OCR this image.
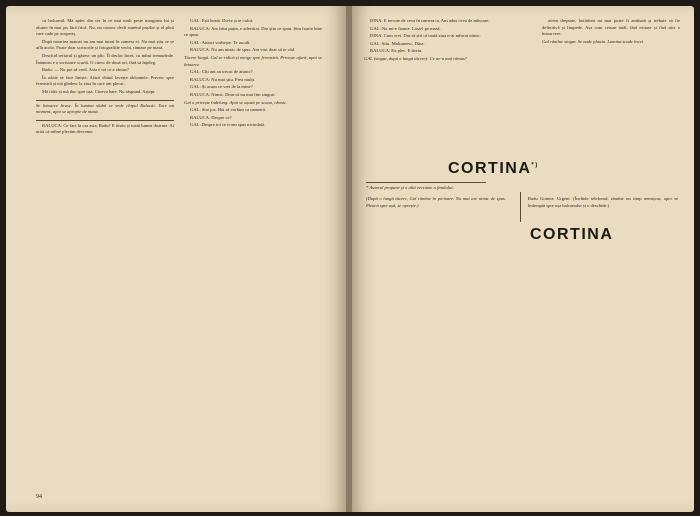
cu balconul. Mă aplec din cer în ce mai mult peste marginea lui și alunec în mai jos fără frică. Nu, nu cunosc decît sunetul pașilor și al ploii care cade pe acoperiș.

După moartea mamei nu am mai intrat în camera ei. Nu mai știu ce se află acolo. Poate doar scrisorile și fotografiile vechi, rămase pe masă.

Deschid sertarul și găsesc un plic. Îl desfac încet, cu mîini tremurînde. Înăuntru e o scrisoare scurtă. O citesc de două ori, fără să înțeleg.

Radu: — Nu pot să cred. Asta e tot ce a rămas?

În odaie se face liniște. Afară vîntul lovește obloanele. Privesc spre fereastră și mă gîndesc la ziua în care am plecat.

Mă ridic și mă duc spre ușă. Cineva bate. Nu răspund. Aștept.

Se întoarce brusc. În lumina slabă se vede chipul Ralucăi. Tace un moment, apoi se apropie de masă.

RALUCA: Ce faci la ora asta, Radu? E tîrziu și toată lumea doarme. Ai uitat că mîine plecăm devreme.

GAL: Ești beată. Du-te și te culcă.

RALUCA: Am băut puțin, e adevărat. Dar știu ce spun. Știu foarte bine ce spun.

GAL: Atunci vorbește. Te ascult.

RALUCA: Nu am nimic de spus. Am vrut doar să te văd.

Tăcere lungă. Gal se ridică și merge spre fereastră. Privește afară, apoi se întoarce.

GAL: Cîți ani au trecut de atunci?

RALUCA: Nu mai știu. Prea mulți.

GAL: Și acum ce vrei de la mine?

RALUCA: Nimic. Doar să nu mai fim singuri.

Gal o privește îndelung. Apoi se așază pe scaun, obosit.

GAL: Stai jos. Hai să vorbim ca oamenii.

RALUCA: Despre ce?

GAL: Despre tot ce n-am spus niciodată.

94

DINA: E nevoie de ceva în camera ta. Am adus ceva de mîncare.

GAL: Nu mi-e foame. Lasă-l pe masă.

DINA: Cum vrei. Dar să știi că toată ziua n-ai mîncat nimic.

GAL: Știu. Mulțumesc, Dina.

RALUCA: Eu plec. E tîrziu.

GAL (singur, după o lungă tăcere): Ce ne-a mai rămas?

avem dreptate, hotărîrea nu mai poate fi amînată și trebuie să fie definitivă și limpede. Așa cum ceruse tatăl, fără ezitare și fără nici o întoarcere.

Gal rămîne singur. Se aude ploaia. Lumina scade încet.

CORTINA*)
* Autorul propune și o altă versiune a finalului:
(După o lungă tăcere, Gal rămîne în picioare. Nu mai are nimic de spus. Pleacă spre ușă, se oprește.)
Radu Gomea. Urgent. (Închide telefonul; rămîne un timp nemișcat, apoi se îndreaptă spre ușa balconului și o deschide.)
CORTINA
